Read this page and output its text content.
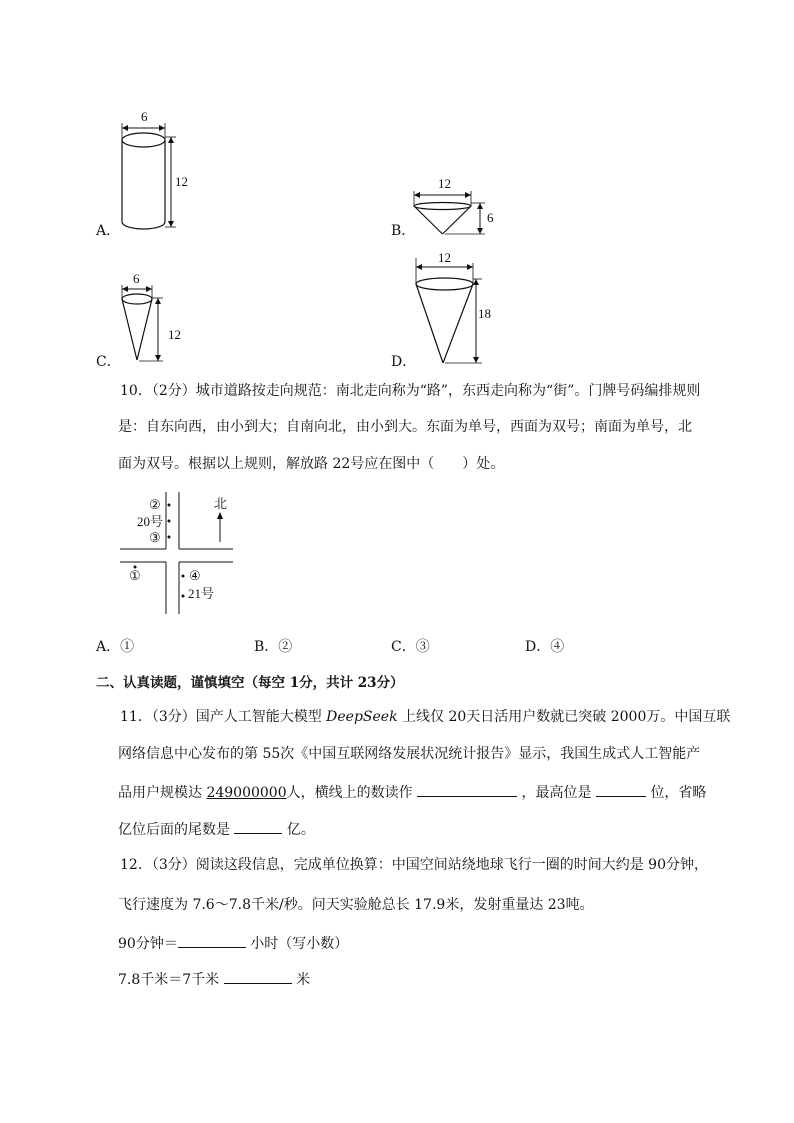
6
12
A．
12
6
B．
6
12
C．
12
18
D．
10．（2分）城市道路按走向规范：南北走向称为“路”，东西走向称为“街”。门牌号码编排规则
是：自东向西，由小到大；自南向北，由小到大。东面为单号，西面为双号；南面为单号，北
面为双号。根据以上规则，解放路 22号应在图中（　　）处。
北
②
20号
③
①	④
21号
A．①	B．②	C．③	D．④
二、认真读题，谨慎填空（每空 1分，共计 23分）
11．（3分）国产人工智能大模型 DeepSeek 上线仅 20天日活用户数就已突破 2000万。中国互联
网络信息中心发布的第 55次《中国互联网络发展状况统计报告》显示，我国生成式人工智能产
品用户规模达 249000000人，横线上的数读作	，最高位是	位，省略
亿位后面的尾数是	亿。
12．（3分）阅读这段信息，完成单位换算：中国空间站绕地球飞行一圈的时间大约是 90分钟，
飞行速度为 7.6～7.8千米/秒。问天实验舱总长 17.9米，发射重量达 23吨。
90分钟＝	小时（写小数）
7.8千米＝7千米	米
